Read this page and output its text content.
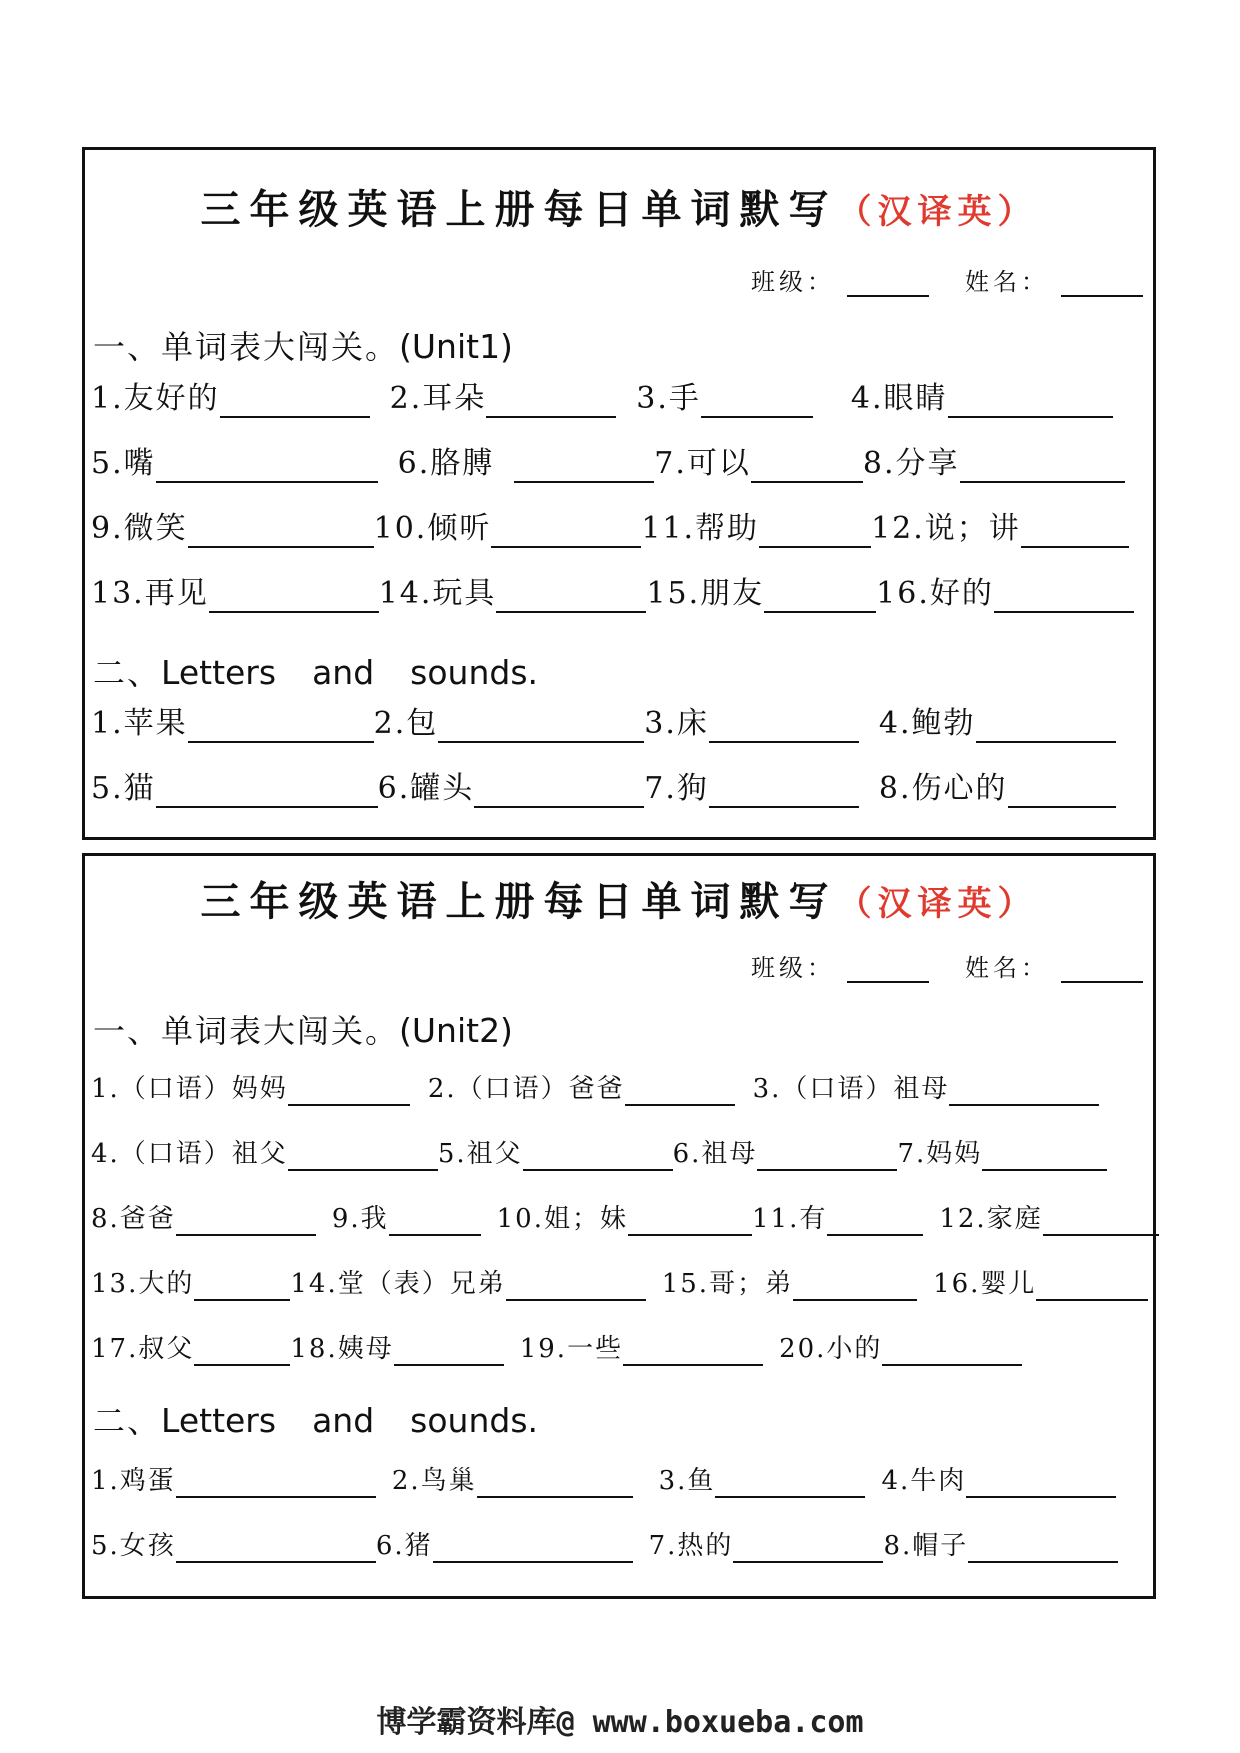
三年级英语上册每日单词默写（汉译英）
班级：	姓名：
一、单词表大闯关。(Unit1)
1.友好的	2.耳朵	3.手	4.眼睛
5.嘴	6.胳膊	7.可以	8.分享
9.微笑	10.倾听	11.帮助	12.说；讲
13.再见	14.玩具	15.朋友	16.好的
二、Letters and sounds.
1.苹果	2.包	3.床	4.鲍勃
5.猫	6.罐头	7.狗	8.伤心的
三年级英语上册每日单词默写（汉译英）
班级：	姓名：
一、单词表大闯关。(Unit2)
1.（口语）妈妈	2.（口语）爸爸	3.（口语）祖母
4.（口语）祖父	5.祖父	6.祖母	7.妈妈
8.爸爸	9.我	10.姐；妹	11.有	12.家庭
13.大的	14.堂（表）兄弟	15.哥；弟	16.婴儿
17.叔父	18.姨母	19.一些	20.小的
二、Letters and sounds.
1.鸡蛋	2.鸟巢	3.鱼	4.牛肉
5.女孩	6.猪	7.热的	8.帽子
博学霸资料库@ www.boxueba.com
